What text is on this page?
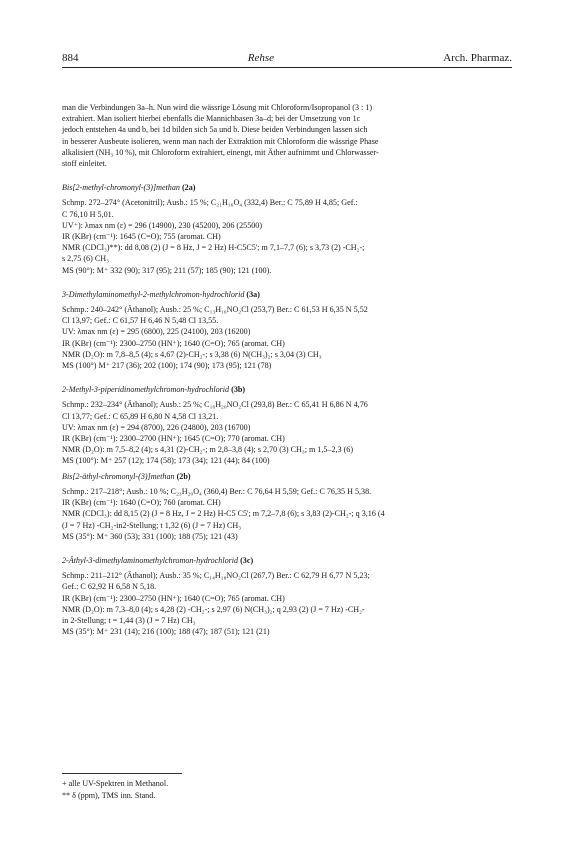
884	Rehse	Arch. Pharmaz.

man die Verbindungen 3a–h. Nun wird die wässrige Lösung mit Chloroform/Isopropanol (3 : 1)

extrahiert. Man isoliert hierbei ebenfalls die Mannichbasen 3a–d; bei der Umsetzung von 1c

jedoch entstehen 4a und b, bei 1d bilden sich 5a und b. Diese beiden Verbindungen lassen sich

in besserer Ausbeute isolieren, wenn man nach der Extraktion mit Chloroform die wässrige Phase

alkalisiert (NH₃ 10 %), mit Chloroform extrahiert, einengt, mit Äther aufnimmt und Chlorwasser-

stoff einleitet.

Bis[2-methyl-chromonyl-(3)]methan (2a)
Schmp. 272–274° (Acetonitril); Ausb.: 15 %; C₂₁H₁₆O₄ (332,4) Ber.: C 75,89 H 4,85; Gef.:
C 76,10 H 5,01.
UV⁺): λmax nm (ε) = 296 (14900), 230 (45200), 206 (25500)
IR (KBr) (cm⁻¹): 1645 (C=O); 755 (aromat. CH)
NMR (CDCl₃)**): dd 8,08 (2) (J = 8 Hz, J = 2 Hz) H-C5C5'; m 7,1–7,7 (6); s 3,73 (2) -CH₂-;
s 2,75 (6) CH₃
MS (90°): M⁺ 332 (90); 317 (95); 211 (57); 185 (90); 121 (100).
3-Dimethylaminomethyl-2-methylchromon-hydrochlorid (3a)
Schmp.: 240–242° (Äthanol); Ausb.: 25 %; C₁₃H₁₆NO₂Cl (253,7) Ber.: C 61,53 H 6,35 N 5,52
Cl 13,97; Gef.: C 61,57 H 6,46 N 5,48 Cl 13,55.
UV: λmax nm (ε) = 295 (6800), 225 (24100), 203 (16200)
IR (KBr) (cm⁻¹): 2300–2750 (HN⁺); 1640 (C=O); 765 (aromat. CH)
NMR (D₂O): m 7,8–8,5 (4); s 4,67 (2)-CH₂-; s 3,38 (6) N(CH₃)₂; s 3,04 (3) CH₃
MS (100°) M⁺ 217 (36); 202 (100); 174 (90); 173 (95); 121 (78)
2-Methyl-3-piperidinomethylchromon-hydrochlorid (3b)
Schmp.: 232–234° (Äthanol); Ausb.: 25 %; C₁₆H₂₀NO₂Cl (293,8) Ber.: C 65,41 H 6,86 N 4,76
Cl 13,77; Gef.: C 65,89 H 6,80 N 4,58 Cl 13,21.
UV: λmax nm (ε) = 294 (8700), 226 (24800), 203 (16700)
IR (KBr) (cm⁻¹): 2300–2700 (HN⁺); 1645 (C=O); 770 (aromat. CH)
NMR (D₂O): m 7,5–8,2 (4); s 4,31 (2)-CH₂-; m 2,8–3,8 (4); s 2,70 (3) CH₃; m 1,5–2,3 (6)
MS (100°): M⁺ 257 (12); 174 (58); 173 (34); 121 (44); 84 (100)
Bis[2-äthyl-chromonyl-(3)]methan (2b)
Schmp.: 217–218°; Ausb.: 10 %; C₂₃H₂₀O₄ (360,4) Ber.: C 76,64 H 5,59; Gef.: C 76,35 H 5,38.
IR (KBr) (cm⁻¹): 1640 (C=O); 760 (aromat. CH)
NMR (CDCl₃): dd 8,15 (2) (J = 8 Hz, J = 2 Hz) H-C5 C5'; m 7,2–7,8 (6); s 3,83 (2)-CH₂-; q 3,16 (4
(J = 7 Hz) -CH₂-in2-Stellung; t 1,32 (6) (J = 7 Hz) CH₃
MS (35°): M⁺ 360 (53); 331 (100); 188 (75); 121 (43)
2-Äthyl-3-dimethylaminomethylchromon-hydrochlorid (3c)
Schmp.: 211–212° (Äthanol); Ausb.: 35 %; C₁₄H₁₈NO₂Cl (267,7) Ber.: C 62,79 H 6,77 N 5,23;
Gef.: C 62,92 H 6,58 N 5,18.
IR (KBr) (cm⁻¹): 2300–2750 (HN⁺); 1640 (C=O); 765 (aromat. CH)
NMR (D₂O): m 7,3–8,0 (4); s 4,28 (2) -CH₂-; s 2,97 (6) N(CH₃)₂; q 2,93 (2) (J = 7 Hz) -CH₂-
in 2-Stellung; t = 1,44 (3) (J = 7 Hz) CH₃
MS (35°): M⁺ 231 (14); 216 (100); 188 (47); 187 (51); 121 (21)
+ alle UV-Spektren in Methanol.
** δ (ppm), TMS inn. Stand.
